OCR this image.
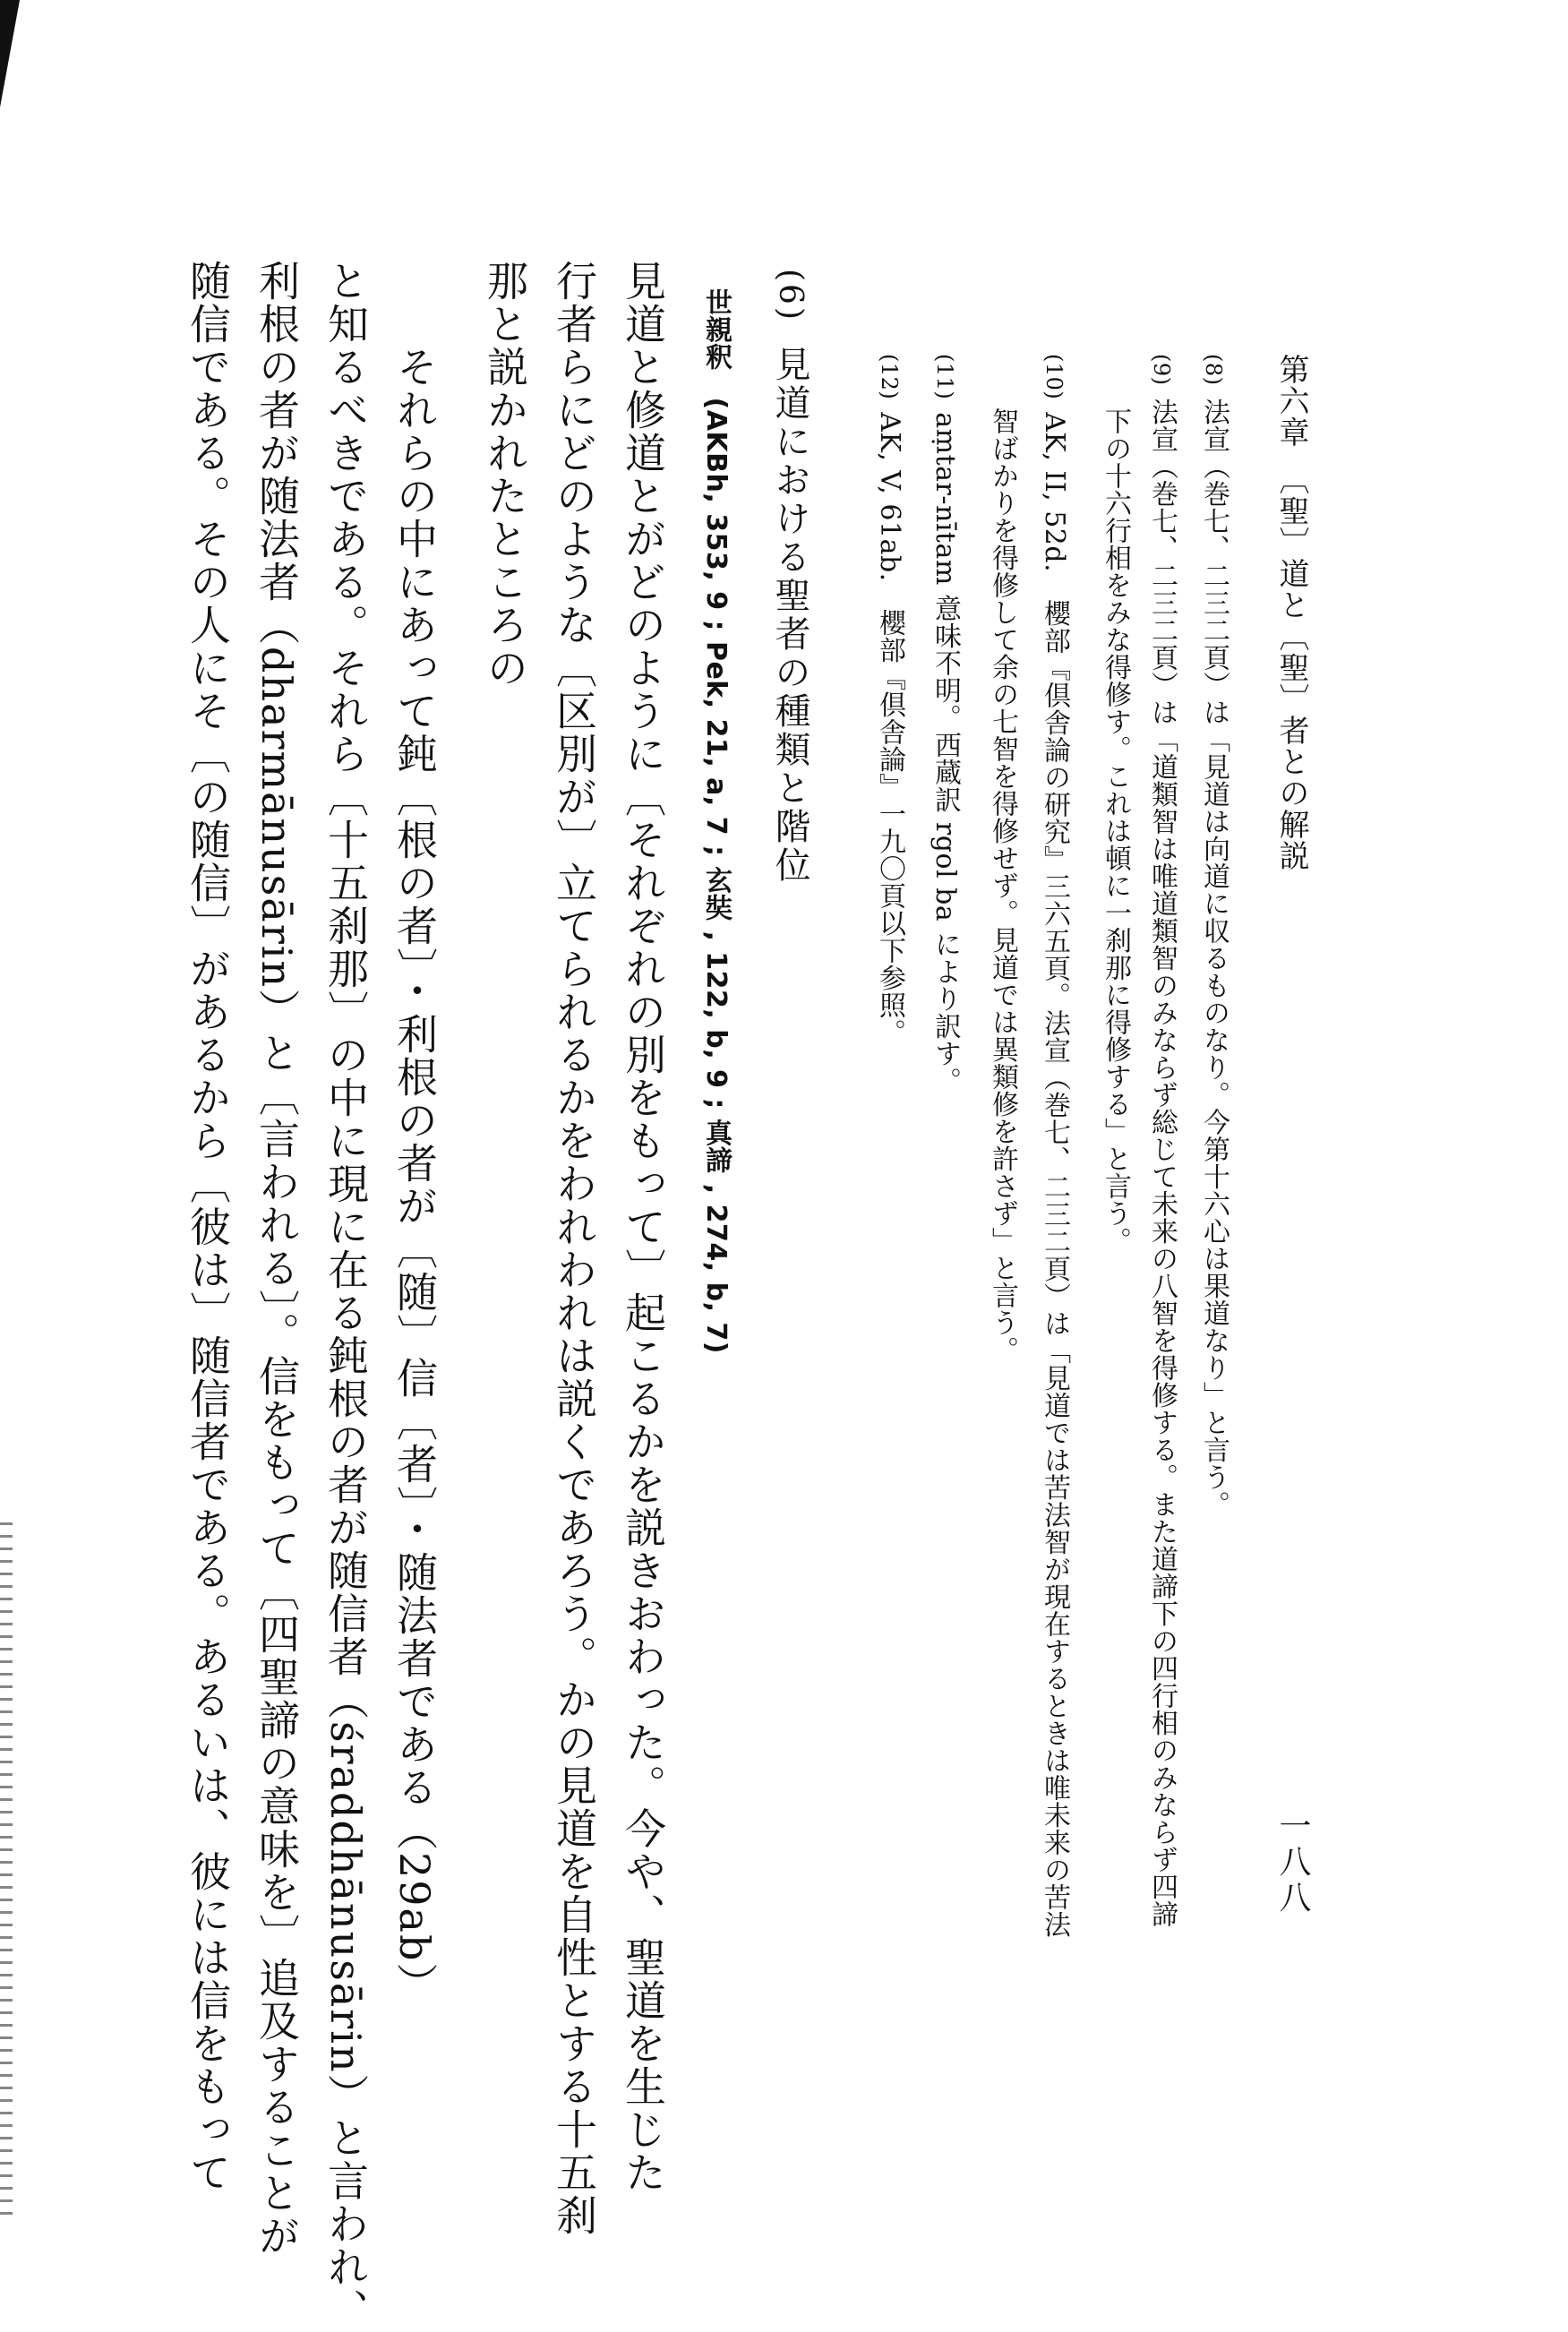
第六章　〔聖〕道と〔聖〕者との解説
一八八
(8)法宣（巻七、二三二頁）は「見道は向道に収るものなり。今第十六心は果道なり」と言う。
(9)法宣（巻七、二三二頁）は「道類智は唯道類智のみならず総じて未来の八智を得修する。また道諦下の四行相のみならず四諦
下の十六行相をみな得修す。これは頓に一刹那に得修する」と言う。
(10)AK, II, 52d.　櫻部『倶舎論の研究』三六五頁。法宣（巻七、二三二頁）は「見道では苦法智が現在するときは唯未来の苦法
智ばかりを得修して余の七智を得修せず。見道では異類修を許さず」と言う。
(11)aṃtar-nītam 意味不明。西蔵訳 rgol ba により訳す。
(12)AK, V, 61ab.　櫻部『倶舎論』一九〇頁以下参照。
(6)見道における聖者の種類と階位
世親釈(AKBh, 353, 9 ; Pek, 21, a, 7 ; 玄奘 , 122, b, 9 ; 真諦 , 274, b, 7)
見道と修道とがどのように〔それぞれの別をもって〕起こるかを説きおわった。今や、聖道を生じた
行者らにどのような〔区別が〕立てられるかをわれわれは説くであろう。かの見道を自性とする十五刹
那と説かれたところの
　　それらの中にあって鈍〔根の者〕・利根の者が〔随〕信〔者〕・随法者である（29ab）
と知るべきである。それら〔十五刹那〕の中に現に在る鈍根の者が随信者（śraddhānusārin）と言われ、
利根の者が随法者（dharmānusārin）と〔言われる〕。信をもって〔四聖諦の意味を〕追及することが
随信である。その人にそ〔の随信〕があるから〔彼は〕随信者である。あるいは、彼には信をもって
